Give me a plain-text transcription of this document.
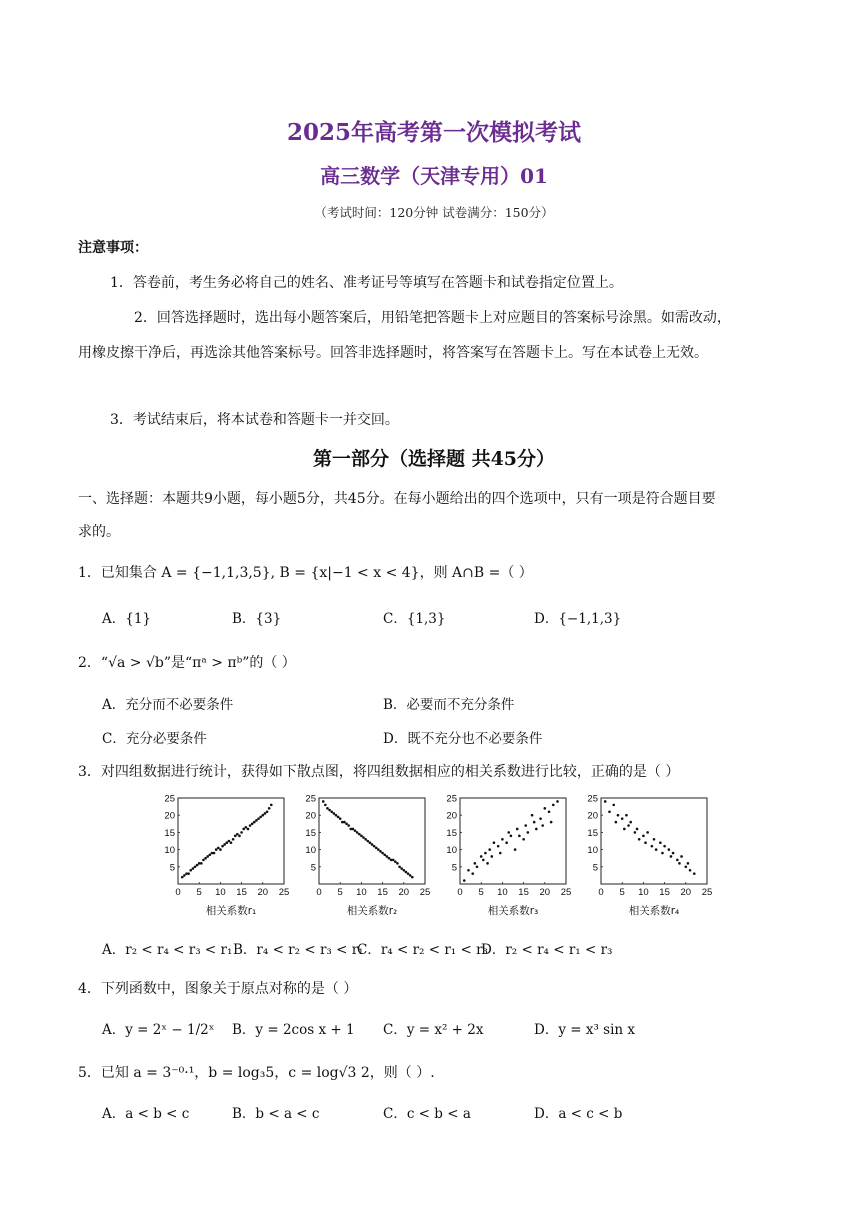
2025年高考第一次模拟考试
高三数学（天津专用）01
（考试时间：120分钟 试卷满分：150分）
注意事项：
1．答卷前，考生务必将自己的姓名、准考证号等填写在答题卡和试卷指定位置上。
2．回答选择题时，选出每小题答案后，用铅笔把答题卡上对应题目的答案标号涂黑。如需改动，
用橡皮擦干净后，再选涂其他答案标号。回答非选择题时，将答案写在答题卡上。写在本试卷上无效。
3．考试结束后，将本试卷和答题卡一并交回。
第一部分（选择题 共45分）
一、选择题：本题共9小题，每小题5分，共45分。在每小题给出的四个选项中，只有一项是符合题目要
求的。
1．已知集合 A = {−1,1,3,5}, B = {x|−1 < x < 4}，则 A∩B =（ ）
A．{1}	B．{3}	C．{1,3}	D．{−1,1,3}
2．“√a > √b”是“πᵃ > πᵇ”的（ ）
A．充分而不必要条件	B．必要而不充分条件
C．充分必要条件	D．既不充分也不必要条件
3．对四组数据进行统计，获得如下散点图，将四组数据相应的相关系数进行比较，正确的是（ ）
0 5 10 15 20 25
5
10
15
20
25
相关系数r₁
0 5 10 15 20 25
5
10
15
20
25
相关系数r₂
0 5 10 15 20 25
5
10
15
20
25
相关系数r₃
0 5 10 15 20 25
5
10
15
20
25
相关系数r₄
A．r₂ < r₄ < r₃ < r₁ B．r₄ < r₂ < r₃ < r₁
C．r₄ < r₂ < r₁ < r₃
D．r₂ < r₄ < r₁ < r₃
4．下列函数中，图象关于原点对称的是（ ）
A．y = 2ˣ − 1/2ˣ B．y = 2cos x + 1 C．y = x² + 2x	D．y = x³ sin x
5．已知 a = 3⁻⁰·¹，b = log₃5，c = log√3 2，则（ ）.
A．a < b < c	B．b < a < c	C．c < b < a	D．a < c < b
